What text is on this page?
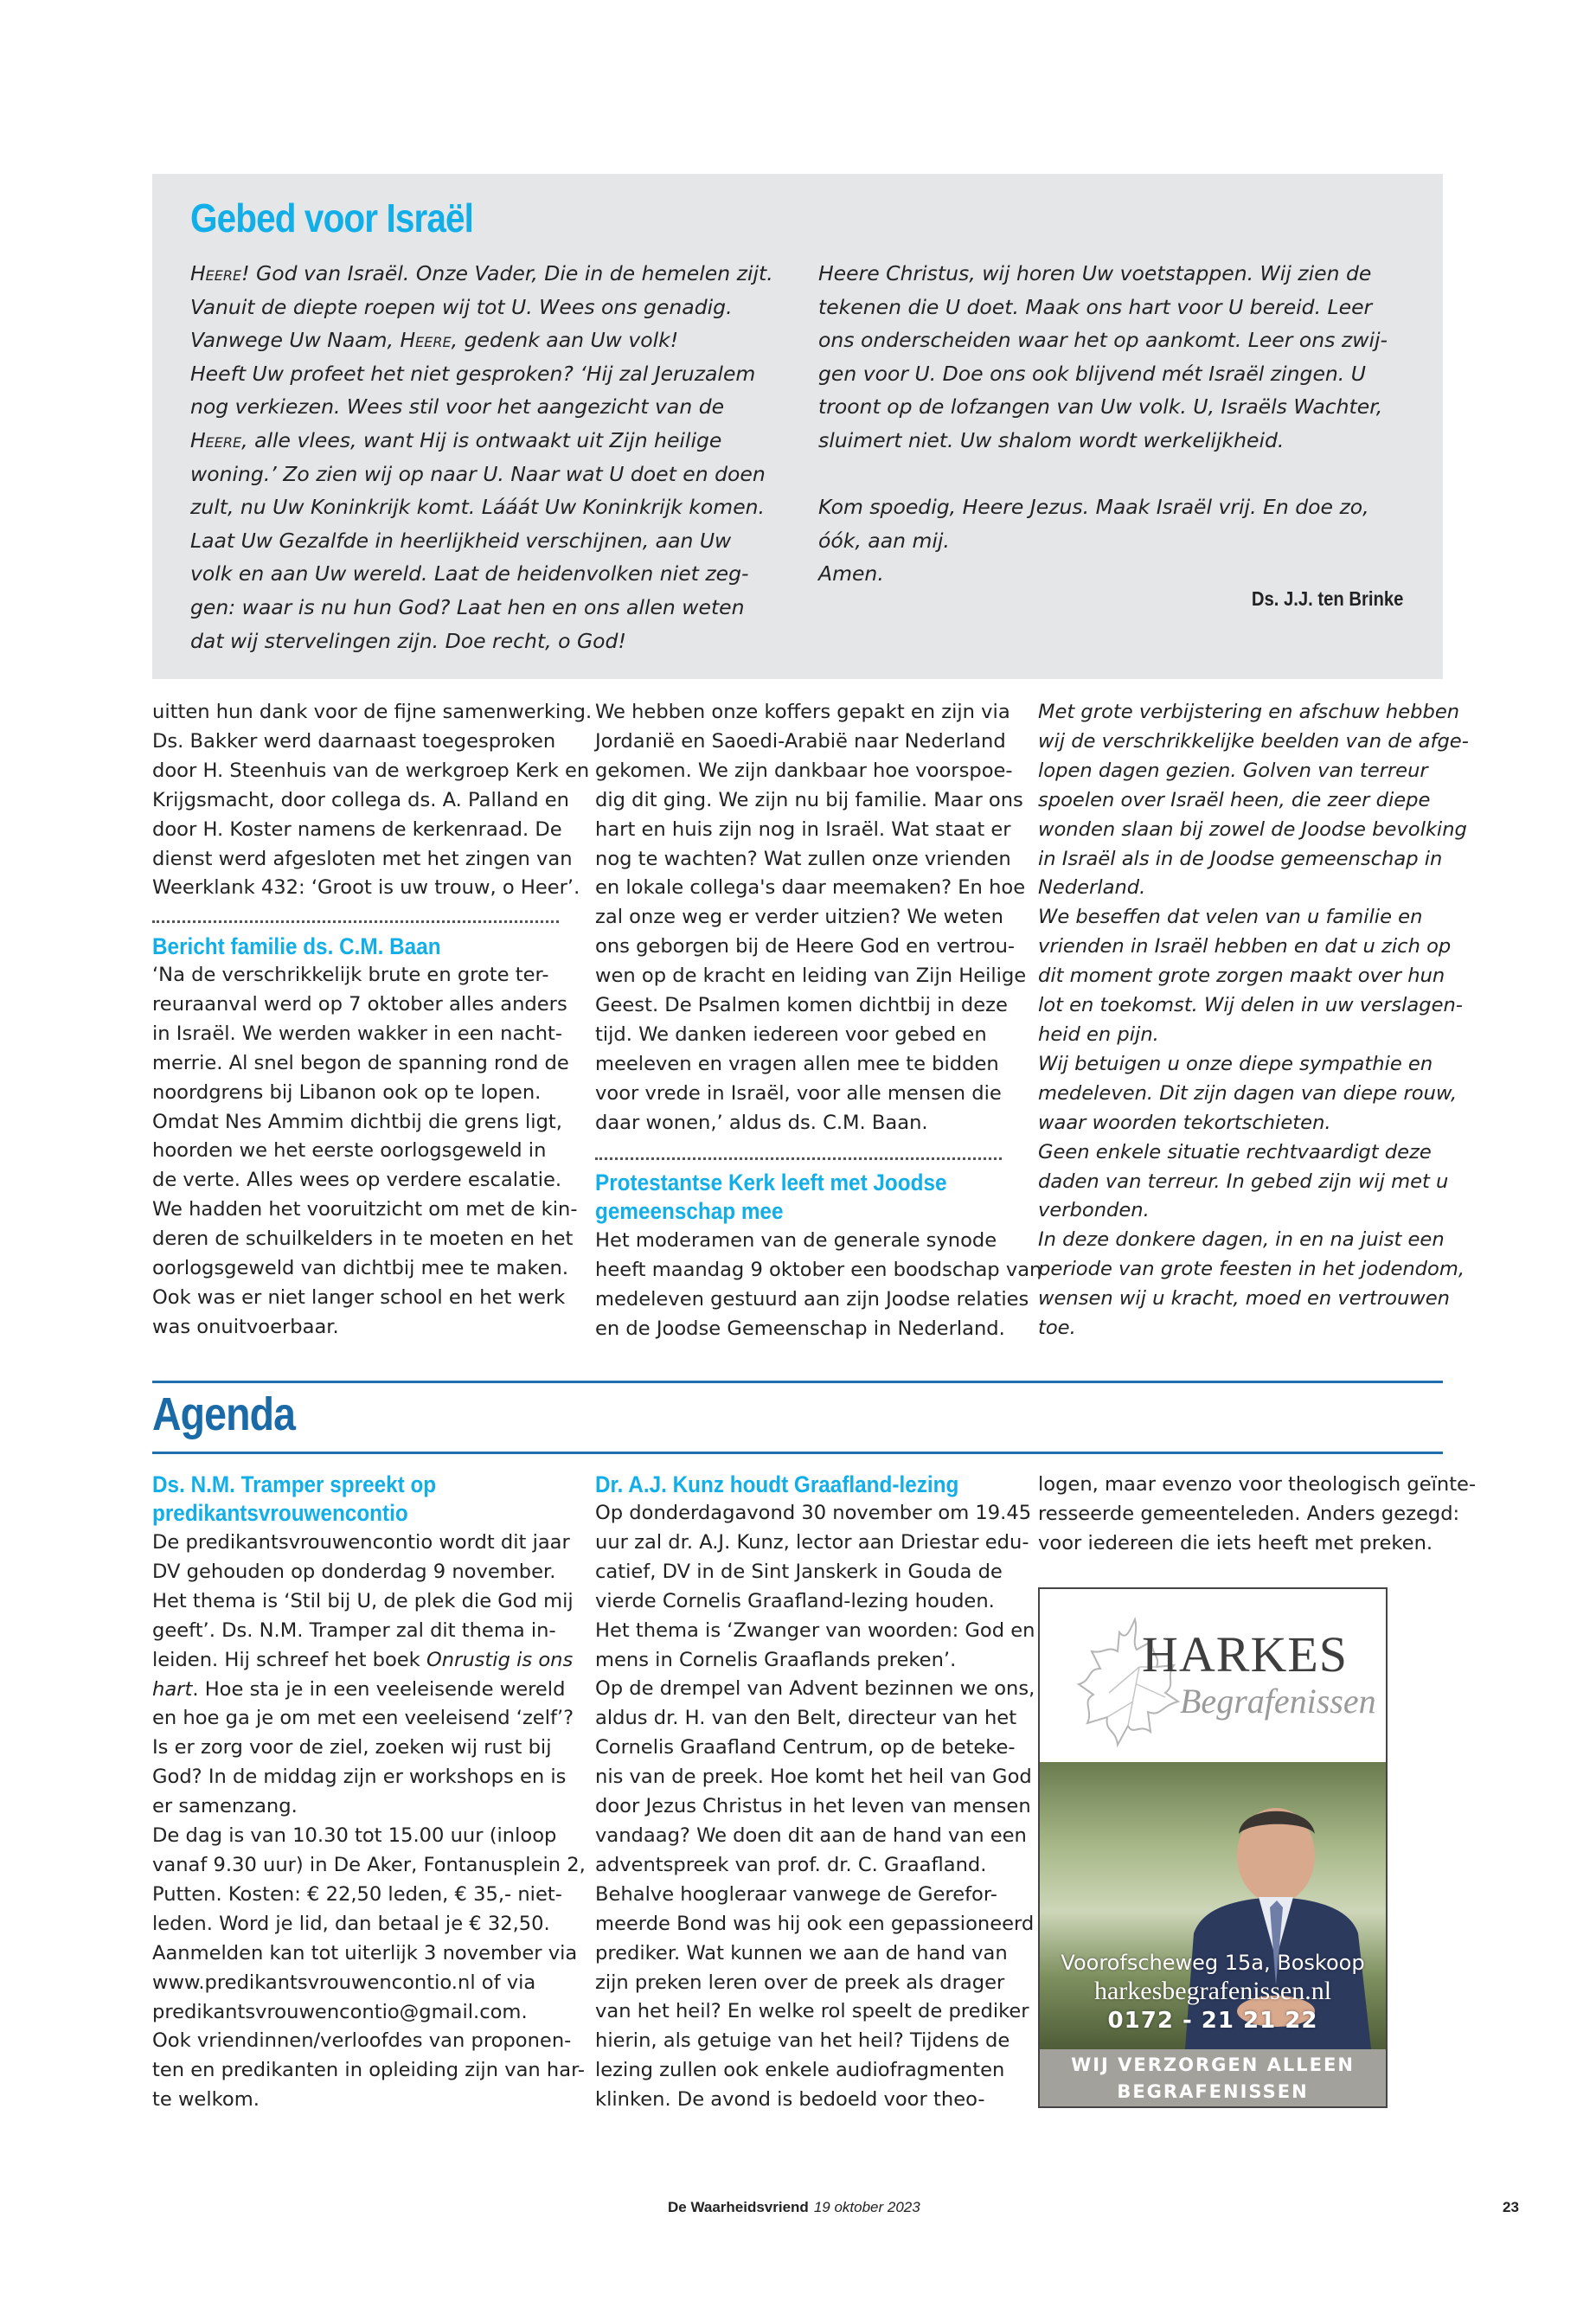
Gebed voor Israël

Heere! God van Israël. Onze Vader, Die in de hemelen zijt.

Vanuit de diepte roepen wij tot U. Wees ons genadig.

Vanwege Uw Naam, Heere, gedenk aan Uw volk!

Heeft Uw profeet het niet gesproken? ‘Hij zal Jeruzalem

nog verkiezen. Wees stil voor het aangezicht van de

Heere, alle vlees, want Hij is ontwaakt uit Zijn heilige

woning.’ Zo zien wij op naar U. Naar wat U doet en doen

zult, nu Uw Koninkrijk komt. Lááát Uw Koninkrijk komen.

Laat Uw Gezalfde in heerlijkheid verschijnen, aan Uw

volk en aan Uw wereld. Laat de heidenvolken niet zeg-

gen: waar is nu hun God? Laat hen en ons allen weten

dat wij stervelingen zijn. Doe recht, o God!

Heere Christus, wij horen Uw voetstappen. Wij zien de

tekenen die U doet. Maak ons hart voor U bereid. Leer

ons onderscheiden waar het op aankomt. Leer ons zwij-

gen voor U. Doe ons ook blijvend mét Israël zingen. U

troont op de lofzangen van Uw volk. U, Israëls Wachter,

sluimert niet. Uw shalom wordt werkelijkheid.

Kom spoedig, Heere Jezus. Maak Israël vrij. En doe zo,

óók, aan mij.

Amen.

Ds. J.J. ten Brinke

uitten hun dank voor de fijne samenwerking.

Ds. Bakker werd daarnaast toegesproken

door H. Steenhuis van de werkgroep Kerk en

Krijgsmacht, door collega ds. A. Palland en

door H. Koster namens de kerkenraad. De

dienst werd afgesloten met het zingen van

Weerklank 432: ‘Groot is uw trouw, o Heer’.

Bericht familie ds. C.M. Baan

‘Na de verschrikkelijk brute en grote ter-

reuraanval werd op 7 oktober alles anders

in Israël. We werden wakker in een nacht-

merrie. Al snel begon de spanning rond de

noordgrens bij Libanon ook op te lopen.

Omdat Nes Ammim dichtbij die grens ligt,

hoorden we het eerste oorlogsgeweld in

de verte. Alles wees op verdere escalatie.

We hadden het vooruitzicht om met de kin-

deren de schuilkelders in te moeten en het

oorlogsgeweld van dichtbij mee te maken.

Ook was er niet langer school en het werk

was onuitvoerbaar.

We hebben onze koffers gepakt en zijn via

Jordanië en Saoedi-Arabië naar Nederland

gekomen. We zijn dankbaar hoe voorspoe-

dig dit ging. We zijn nu bij familie. Maar ons

hart en huis zijn nog in Israël. Wat staat er

nog te wachten? Wat zullen onze vrienden

en lokale collega's daar meemaken? En hoe

zal onze weg er verder uitzien? We weten

ons geborgen bij de Heere God en vertrou-

wen op de kracht en leiding van Zijn Heilige

Geest. De Psalmen komen dichtbij in deze

tijd. We danken iedereen voor gebed en

meeleven en vragen allen mee te bidden

voor vrede in Israël, voor alle mensen die

daar wonen,’ aldus ds. C.M. Baan.

Protestantse Kerk leeft met Joodse
gemeenschap mee

Het moderamen van de generale synode

heeft maandag 9 oktober een boodschap van

medeleven gestuurd aan zijn Joodse relaties

en de Joodse Gemeenschap in Nederland.

Met grote verbijstering en afschuw hebben

wij de verschrikkelijke beelden van de afge-

lopen dagen gezien. Golven van terreur

spoelen over Israël heen, die zeer diepe

wonden slaan bij zowel de Joodse bevolking

in Israël als in de Joodse gemeenschap in

Nederland.

We beseffen dat velen van u familie en

vrienden in Israël hebben en dat u zich op

dit moment grote zorgen maakt over hun

lot en toekomst. Wij delen in uw verslagen-

heid en pijn.

Wij betuigen u onze diepe sympathie en

medeleven. Dit zijn dagen van diepe rouw,

waar woorden tekortschieten.

Geen enkele situatie rechtvaardigt deze

daden van terreur. In gebed zijn wij met u

verbonden.

In deze donkere dagen, in en na juist een

periode van grote feesten in het jodendom,

wensen wij u kracht, moed en vertrouwen

toe.

Agenda
Ds. N.M. Tramper spreekt op
predikantsvrouwencontio

De predikantsvrouwencontio wordt dit jaar

DV gehouden op donderdag 9 november.

Het thema is ‘Stil bij U, de plek die God mij

geeft’. Ds. N.M. Tramper zal dit thema in-

leiden. Hij schreef het boek Onrustig is ons

hart. Hoe sta je in een veeleisende wereld

en hoe ga je om met een veeleisend ‘zelf’?

Is er zorg voor de ziel, zoeken wij rust bij

God? In de middag zijn er workshops en is

er samenzang.

De dag is van 10.30 tot 15.00 uur (inloop

vanaf 9.30 uur) in De Aker, Fontanusplein 2,

Putten. Kosten: € 22,50 leden, € 35,- niet-

leden. Word je lid, dan betaal je € 32,50.

Aanmelden kan tot uiterlijk 3 november via

www.predikantsvrouwencontio.nl of via

predikantsvrouwencontio@gmail.com.

Ook vriendinnen/verloofdes van proponen-

ten en predikanten in opleiding zijn van har-

te welkom.

Dr. A.J. Kunz houdt Graafland-lezing

Op donderdagavond 30 november om 19.45

uur zal dr. A.J. Kunz, lector aan Driestar edu-

catief, DV in de Sint Janskerk in Gouda de

vierde Cornelis Graafland-lezing houden.

Het thema is ‘Zwanger van woorden: God en

mens in Cornelis Graaflands preken’.

Op de drempel van Advent bezinnen we ons,

aldus dr. H. van den Belt, directeur van het

Cornelis Graafland Centrum, op de beteke-

nis van de preek. Hoe komt het heil van God

door Jezus Christus in het leven van mensen

vandaag? We doen dit aan de hand van een

adventspreek van prof. dr. C. Graafland.

Behalve hoogleraar vanwege de Gerefor-

meerde Bond was hij ook een gepassioneerd

prediker. Wat kunnen we aan de hand van

zijn preken leren over de preek als drager

van het heil? En welke rol speelt de prediker

hierin, als getuige van het heil? Tijdens de

lezing zullen ook enkele audiofragmenten

klinken. De avond is bedoeld voor theo-

logen, maar evenzo voor theologisch geïnte-

resseerde gemeenteleden. Anders gezegd:

voor iedereen die iets heeft met preken.

HARKES
Begrafenissen
Voorofscheweg 15a, Boskoop
harkesbegrafenissen.nl
0172 - 21 21 22
WIJ VERZORGEN ALLEEN
BEGRAFENISSEN
De Waarheidsvriend 19 oktober 2023	23
